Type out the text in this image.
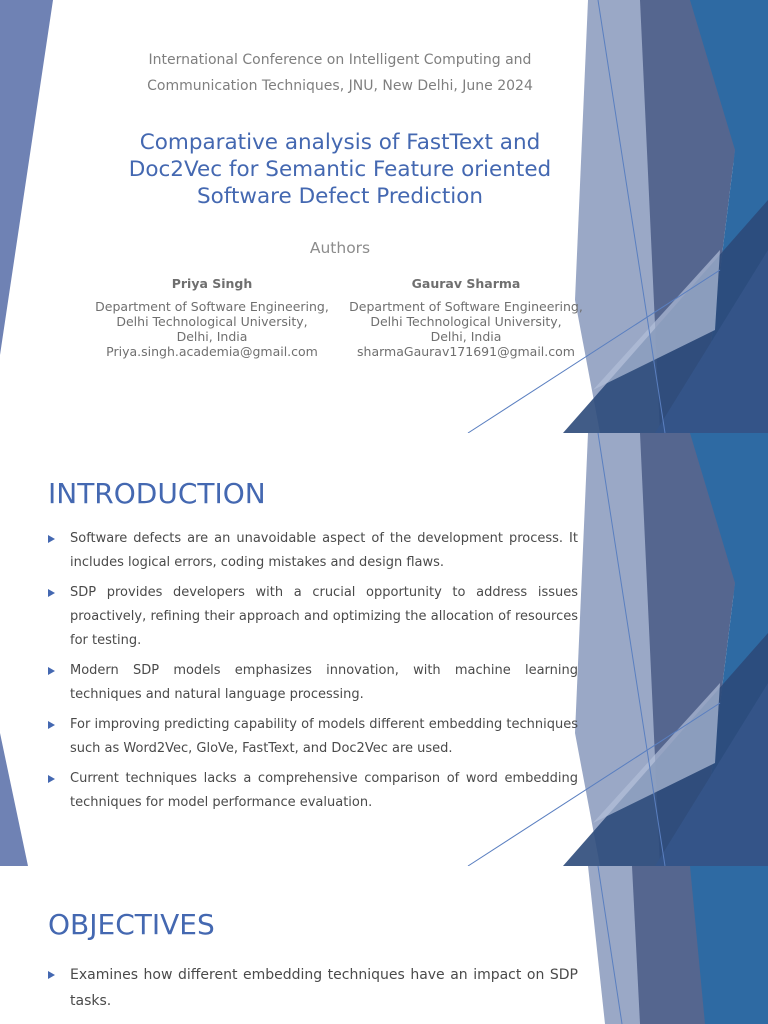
International Conference on Intelligent Computing and
Communication Techniques, JNU, New Delhi, June 2024
Comparative analysis of FastText and
Doc2Vec for Semantic Feature oriented
Software Defect Prediction
Authors
Priya Singh
Department of Software Engineering,
Delhi Technological University,
Delhi, India
Priya.singh.academia@gmail.com
Gaurav Sharma
Department of Software Engineering,
Delhi Technological University,
Delhi, India
sharmaGaurav171691@gmail.com
INTRODUCTION
Software defects are an unavoidable aspect of the development process. It includes logical errors, coding mistakes and design flaws.
SDP provides developers with a crucial opportunity to address issues proactively, refining their approach and optimizing the allocation of resources for testing.
Modern SDP models emphasizes innovation, with machine learning techniques and natural language processing.
For improving predicting capability of models different embedding techniques such as Word2Vec, GloVe, FastText, and Doc2Vec are used.
Current techniques lacks a comprehensive comparison of word embedding techniques for model performance evaluation.
OBJECTIVES
Examines how different embedding techniques have an impact on SDP tasks.
